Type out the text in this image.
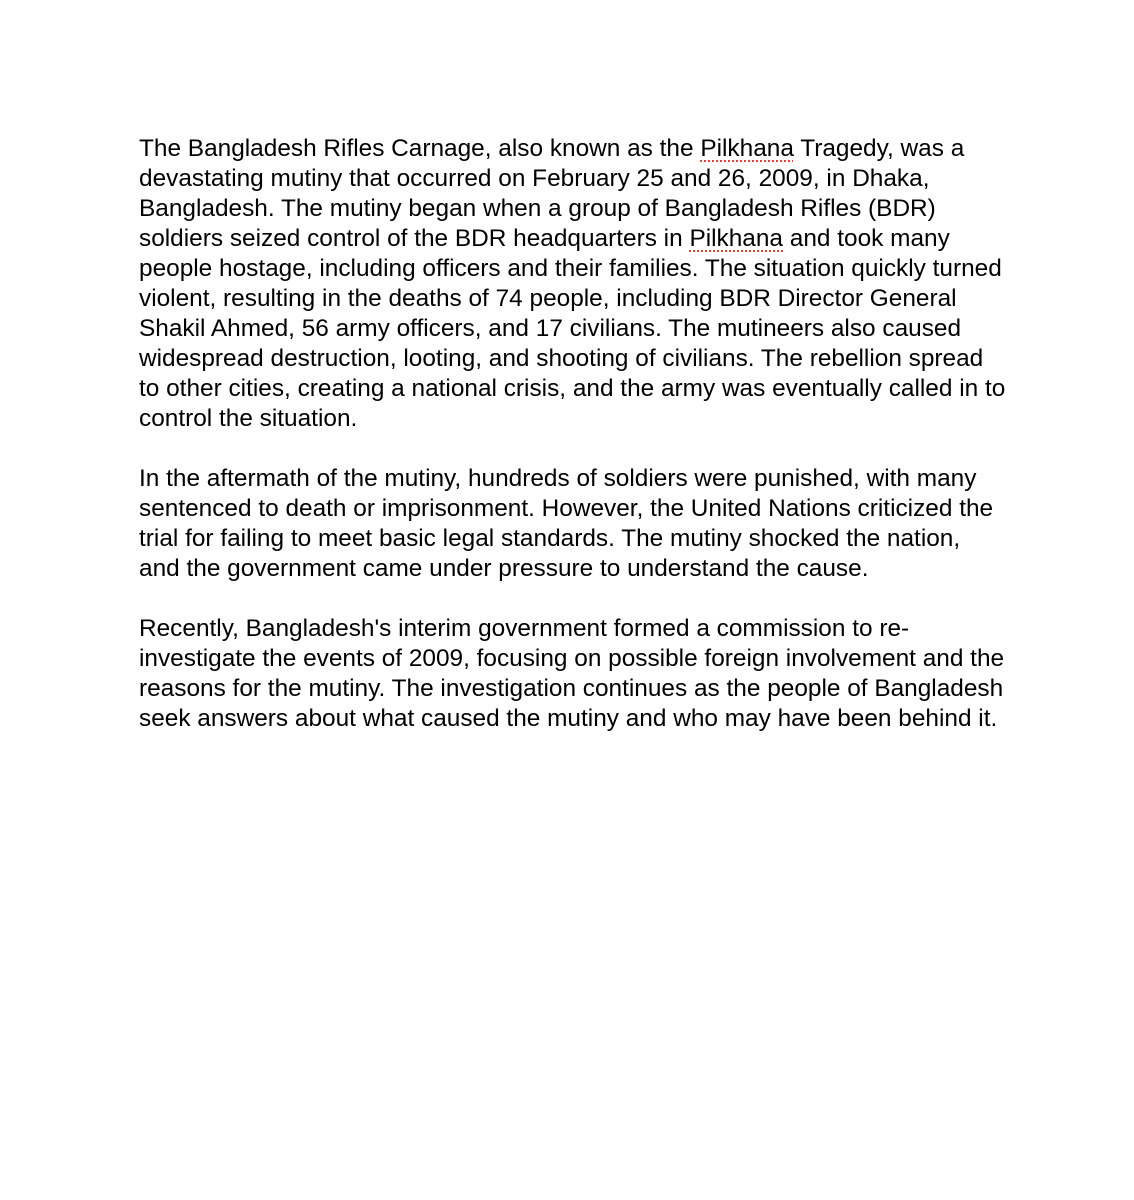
The Bangladesh Rifles Carnage, also known as the Pilkhana Tragedy, was a
devastating mutiny that occurred on February 25 and 26, 2009, in Dhaka,
Bangladesh. The mutiny began when a group of Bangladesh Rifles (BDR)
soldiers seized control of the BDR headquarters in Pilkhana and took many
people hostage, including officers and their families. The situation quickly turned
violent, resulting in the deaths of 74 people, including BDR Director General
Shakil Ahmed, 56 army officers, and 17 civilians. The mutineers also caused
widespread destruction, looting, and shooting of civilians. The rebellion spread
to other cities, creating a national crisis, and the army was eventually called in to
control the situation.

In the aftermath of the mutiny, hundreds of soldiers were punished, with many
sentenced to death or imprisonment. However, the United Nations criticized the
trial for failing to meet basic legal standards. The mutiny shocked the nation,
and the government came under pressure to understand the cause.

Recently, Bangladesh's interim government formed a commission to re-
investigate the events of 2009, focusing on possible foreign involvement and the
reasons for the mutiny. The investigation continues as the people of Bangladesh
seek answers about what caused the mutiny and who may have been behind it.
